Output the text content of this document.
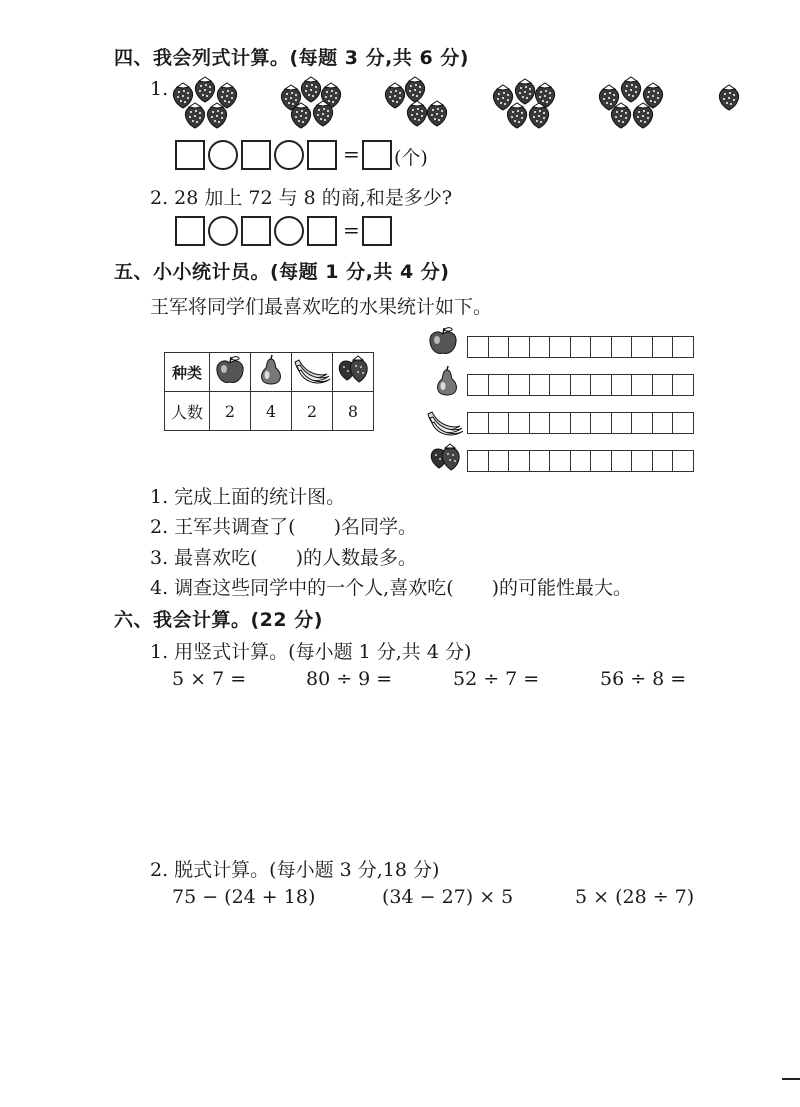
四、我会列式计算。(每题 3 分,共 6 分)
1.
= (个)
2. 28 加上 72 与 8 的商,和是多少?
=
五、小小统计员。(每题 1 分,共 4 分)
王军将同学们最喜欢吃的水果统计如下。
种类				
人数	2	4	2	8
1. 完成上面的统计图。
2. 王军共调查了(　　)名同学。
3. 最喜欢吃(　　)的人数最多。
4. 调查这些同学中的一个人,喜欢吃(　　)的可能性最大。
六、我会计算。(22 分)
1. 用竖式计算。(每小题 1 分,共 4 分)
5 × 7 =	80 ÷ 9 =	52 ÷ 7 =	56 ÷ 8 =
2. 脱式计算。(每小题 3 分,18 分)
75 − (24 + 18)	(34 − 27) × 5	5 × (28 ÷ 7)
